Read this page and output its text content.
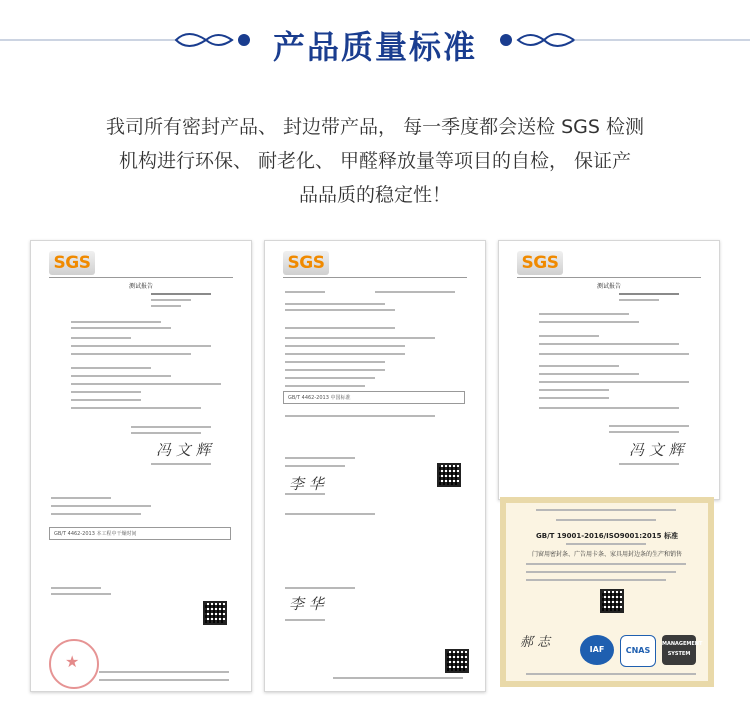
产品质量标准
我司所有密封产品、 封边带产品， 每一季度都会送检 SGS 检测
机构进行环保、 耐老化、 甲醛释放量等项目的自检， 保证产
品品质的稳定性！
SGS
测试报告
冯 文 辉
GB/T 4462-2013 本工程中干燥时间
★
SGS
GB/T 4462-2013 中国标准
李 华
李 华
SGS
测试报告
冯 文 辉
GB/T 19001-2016/ISO9001:2015 标准
门窗用密封条、广告用卡条、家具用封边条的生产和销售
郝 志	IAF	CNAS
MANAGEMENT SYSTEM
